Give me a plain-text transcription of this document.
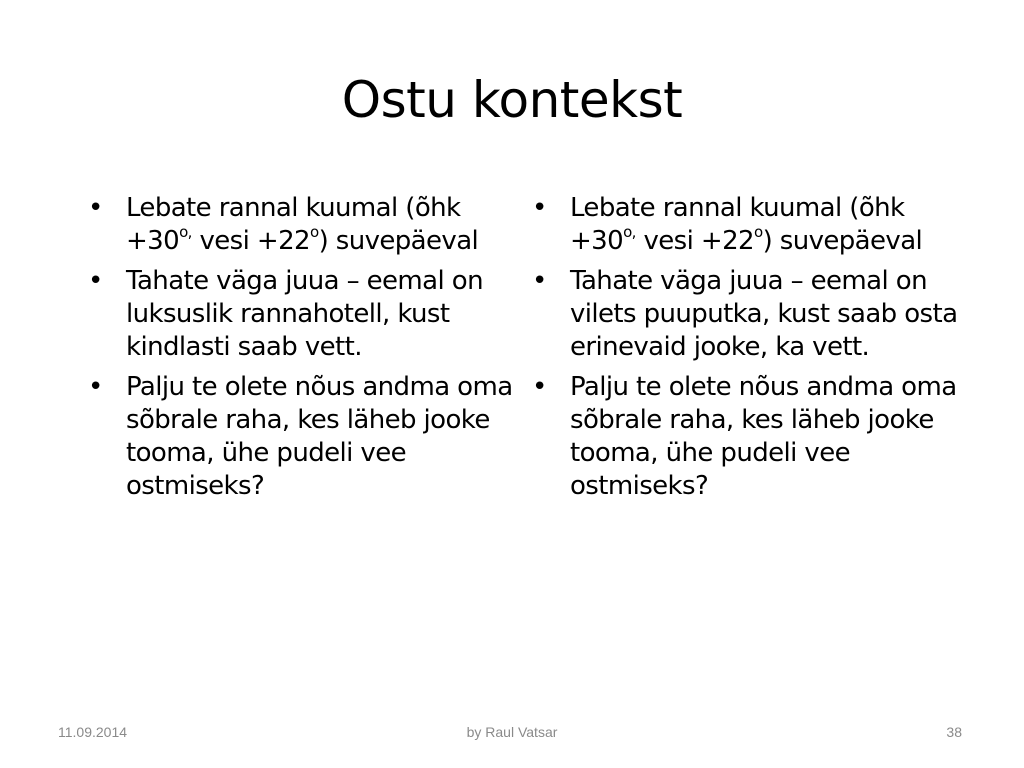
Ostu kontekst
• Lebate rannal kuumal (õhk $+30^{o,}$ vesi $+22^o$) suvepäeval
• Tahate väga juua – eemal on luksuslik rannahotell, kust kindlasti saab vett.
• Palju te olete nõus andma oma sõbrale raha, kes läheb jooke tooma, ühe pudeli vee ostmiseks?
• Lebate rannal kuumal (õhk $+30^{o,}$ vesi $+22^o$) suvepäeval
• Tahate väga juua – eemal on vilets puuputka, kust saab osta erinevaid jooke, ka vett.
• Palju te olete nõus andma oma sõbrale raha, kes läheb jooke tooma, ühe pudeli vee ostmiseks?
11.09.2014	by Raul Vatsar	38
